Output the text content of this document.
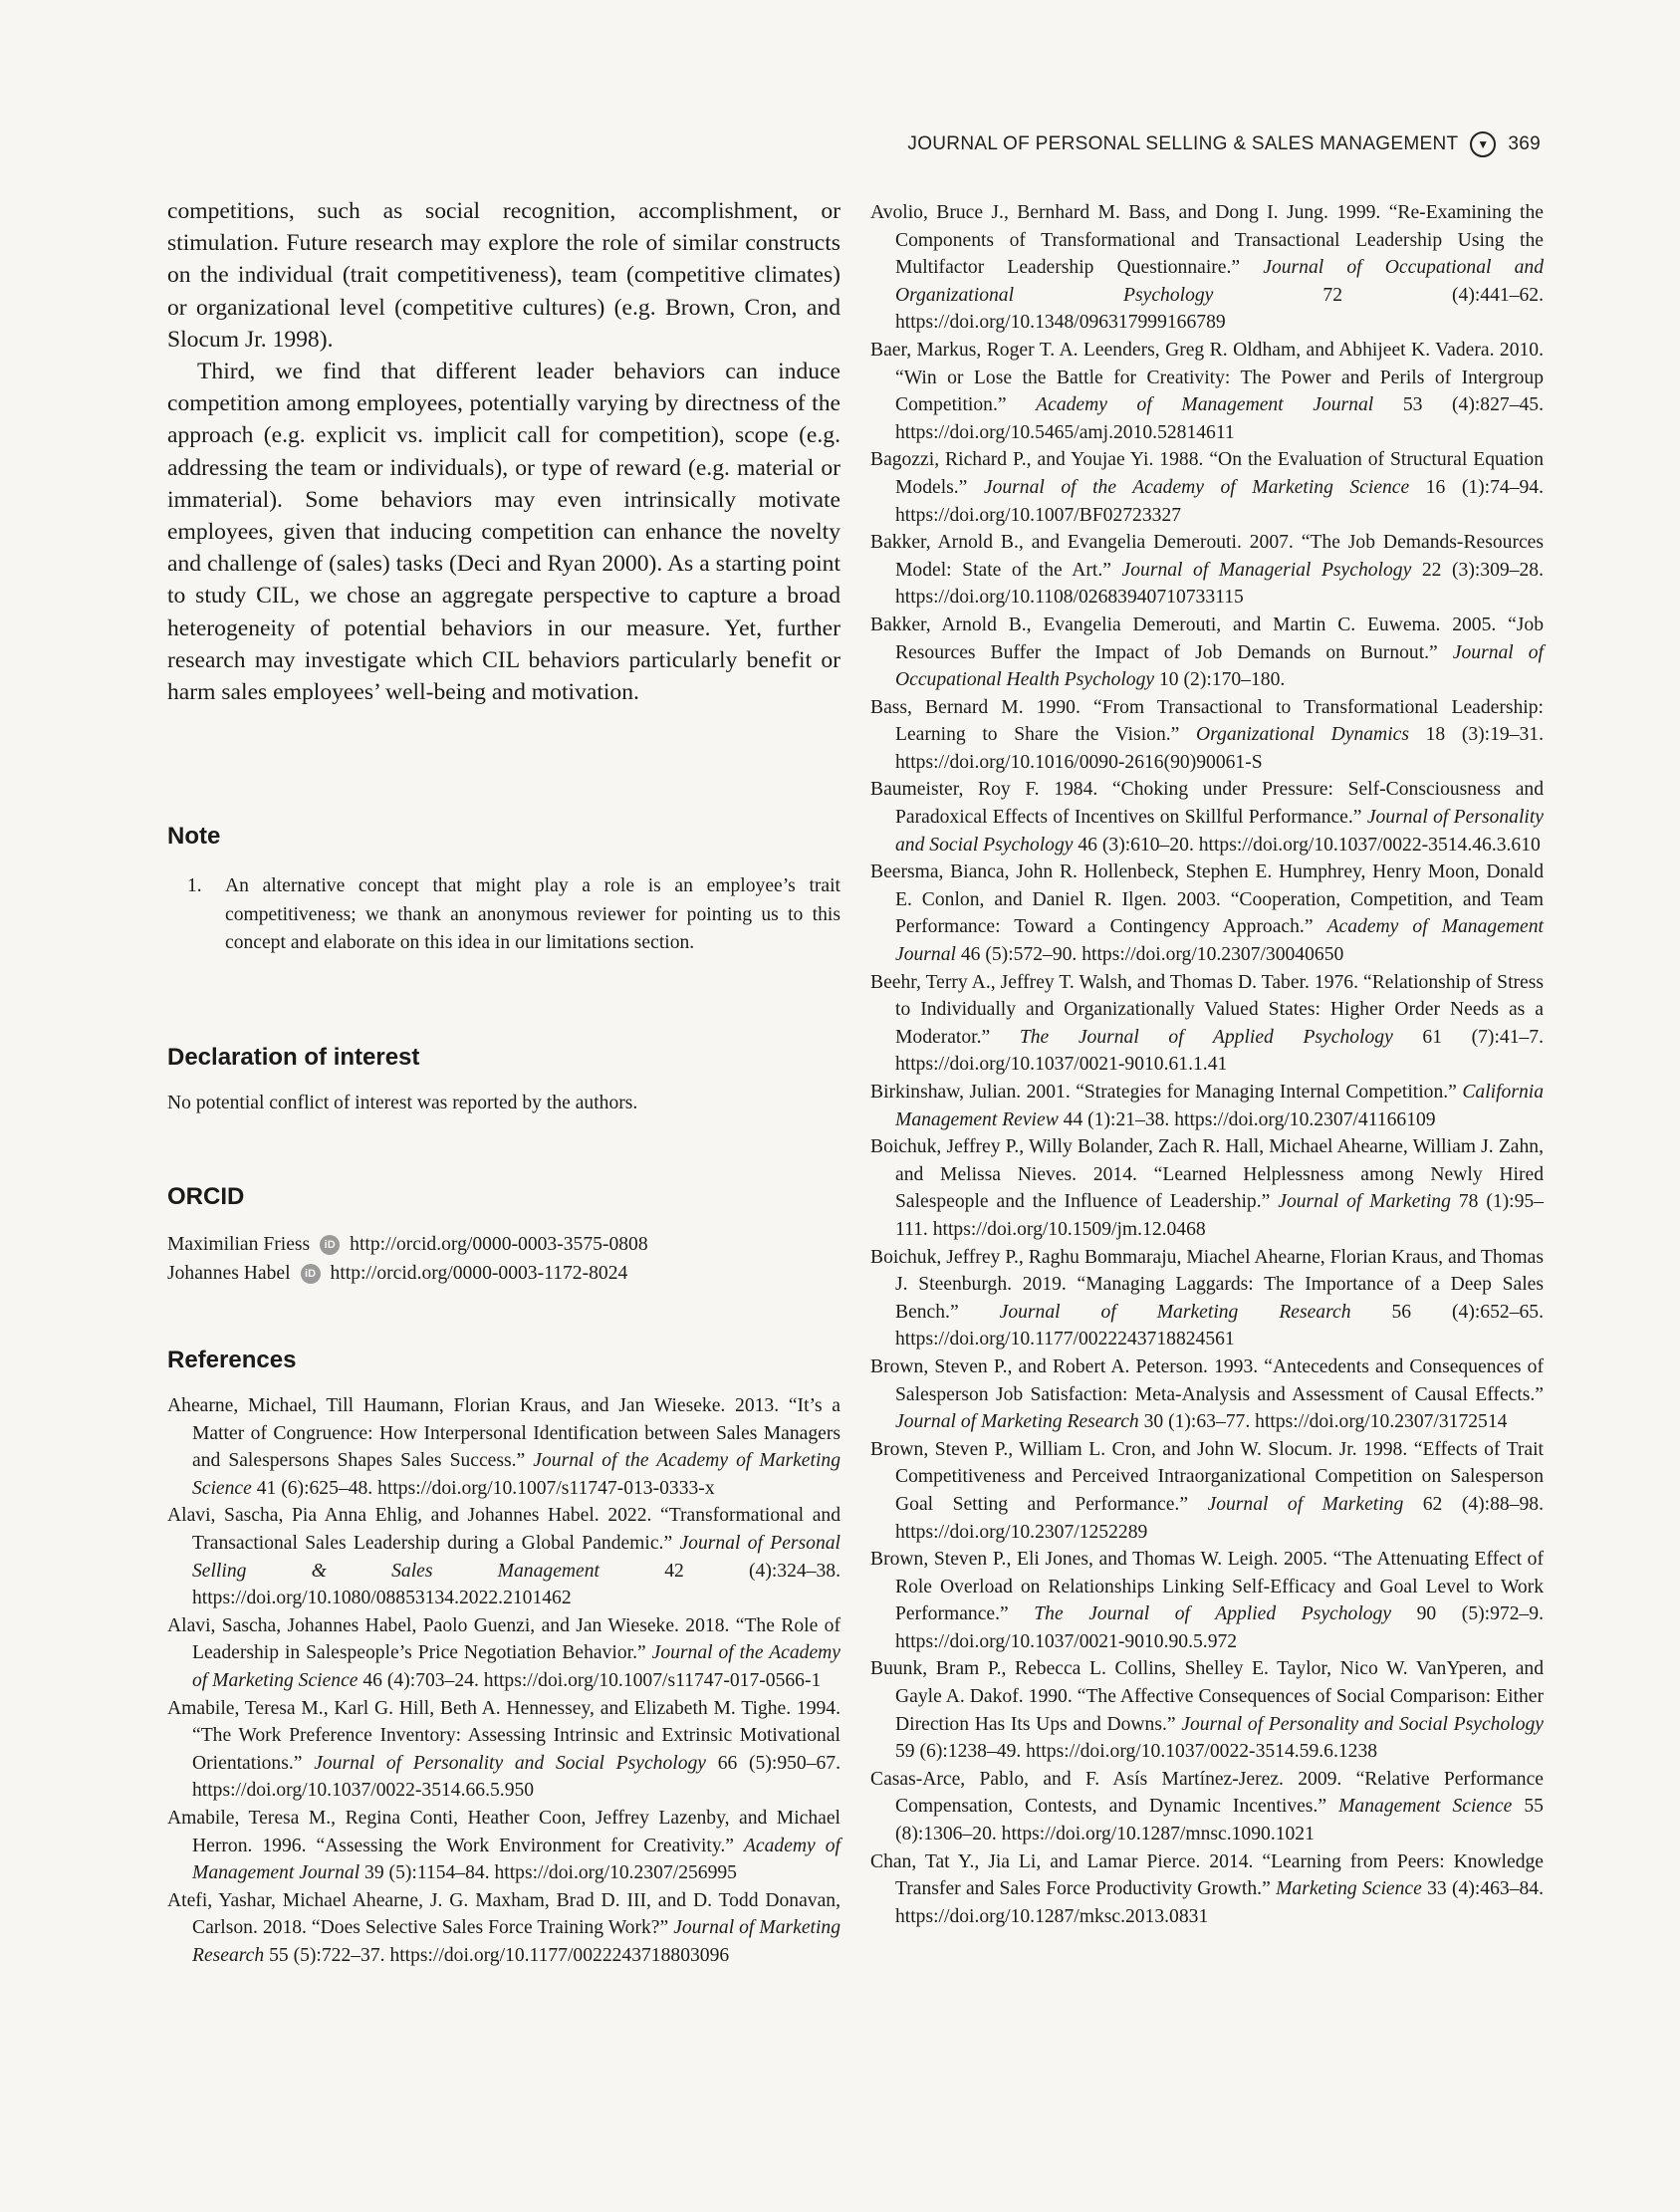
JOURNAL OF PERSONAL SELLING & SALES MANAGEMENT	▼ 369

competitions, such as social recognition, accomplishment, or stimulation. Future research may explore the role of similar constructs on the individual (trait competitiveness), team (competitive climates) or organizational level (competitive cultures) (e.g. Brown, Cron, and Slocum Jr. 1998).

Third, we find that different leader behaviors can induce competition among employees, potentially varying by directness of the approach (e.g. explicit vs. implicit call for competition), scope (e.g. addressing the team or individuals), or type of reward (e.g. material or immaterial). Some behaviors may even intrinsically motivate employees, given that inducing competition can enhance the novelty and challenge of (sales) tasks (Deci and Ryan 2000). As a starting point to study CIL, we chose an aggregate perspective to capture a broad heterogeneity of potential behaviors in our measure. Yet, further research may investigate which CIL behaviors particularly benefit or harm sales employees’ well-being and motivation.

Note
1.	An alternative concept that might play a role is an employee’s trait competitiveness; we thank an anonymous reviewer for pointing us to this concept and elaborate on this idea in our limitations section.
Declaration of interest

No potential conflict of interest was reported by the authors.

ORCID
Maximilian Friess	iD http://orcid.org/0000-0003-3575-0808
Johannes Habel	iD http://orcid.org/0000-0003-1172-8024
References
Ahearne, Michael, Till Haumann, Florian Kraus, and Jan Wieseke. 2013. “It’s a Matter of Congruence: How Interpersonal Identification between Sales Managers and Salespersons Shapes Sales Success.” Journal of the Academy of Marketing Science 41 (6):625–48. https://doi.org/10.1007/s11747-013-0333-x
Alavi, Sascha, Pia Anna Ehlig, and Johannes Habel. 2022. “Transformational and Transactional Sales Leadership during a Global Pandemic.” Journal of Personal Selling & Sales Management 42 (4):324–38. https://doi.org/10.1080/08853134.2022.2101462
Alavi, Sascha, Johannes Habel, Paolo Guenzi, and Jan Wieseke. 2018. “The Role of Leadership in Salespeople’s Price Negotiation Behavior.” Journal of the Academy of Marketing Science 46 (4):703–24. https://doi.org/10.1007/s11747-017-0566-1
Amabile, Teresa M., Karl G. Hill, Beth A. Hennessey, and Elizabeth M. Tighe. 1994. “The Work Preference Inventory: Assessing Intrinsic and Extrinsic Motivational Orientations.” Journal of Personality and Social Psychology 66 (5):950–67. https://doi.org/10.1037/0022-3514.66.5.950
Amabile, Teresa M., Regina Conti, Heather Coon, Jeffrey Lazenby, and Michael Herron. 1996. “Assessing the Work Environment for Creativity.” Academy of Management Journal 39 (5):1154–84. https://doi.org/10.2307/256995
Atefi, Yashar, Michael Ahearne, J. G. Maxham, Brad D. III, and D. Todd Donavan, Carlson. 2018. “Does Selective Sales Force Training Work?” Journal of Marketing Research 55 (5):722–37. https://doi.org/10.1177/0022243718803096
Avolio, Bruce J., Bernhard M. Bass, and Dong I. Jung. 1999. “Re-Examining the Components of Transformational and Transactional Leadership Using the Multifactor Leadership Questionnaire.” Journal of Occupational and Organizational Psychology 72 (4):441–62. https://doi.org/10.1348/096317999166789
Baer, Markus, Roger T. A. Leenders, Greg R. Oldham, and Abhijeet K. Vadera. 2010. “Win or Lose the Battle for Creativity: The Power and Perils of Intergroup Competition.” Academy of Management Journal 53 (4):827–45. https://doi.org/10.5465/amj.2010.52814611
Bagozzi, Richard P., and Youjae Yi. 1988. “On the Evaluation of Structural Equation Models.” Journal of the Academy of Marketing Science 16 (1):74–94. https://doi.org/10.1007/BF02723327
Bakker, Arnold B., and Evangelia Demerouti. 2007. “The Job Demands-Resources Model: State of the Art.” Journal of Managerial Psychology 22 (3):309–28. https://doi.org/10.1108/02683940710733115
Bakker, Arnold B., Evangelia Demerouti, and Martin C. Euwema. 2005. “Job Resources Buffer the Impact of Job Demands on Burnout.” Journal of Occupational Health Psychology 10 (2):170–180.
Bass, Bernard M. 1990. “From Transactional to Transformational Leadership: Learning to Share the Vision.” Organizational Dynamics 18 (3):19–31. https://doi.org/10.1016/0090-2616(90)90061-S
Baumeister, Roy F. 1984. “Choking under Pressure: Self-Consciousness and Paradoxical Effects of Incentives on Skillful Performance.” Journal of Personality and Social Psychology 46 (3):610–20. https://doi.org/10.1037/0022-3514.46.3.610
Beersma, Bianca, John R. Hollenbeck, Stephen E. Humphrey, Henry Moon, Donald E. Conlon, and Daniel R. Ilgen. 2003. “Cooperation, Competition, and Team Performance: Toward a Contingency Approach.” Academy of Management Journal 46 (5):572–90. https://doi.org/10.2307/30040650
Beehr, Terry A., Jeffrey T. Walsh, and Thomas D. Taber. 1976. “Relationship of Stress to Individually and Organizationally Valued States: Higher Order Needs as a Moderator.” The Journal of Applied Psychology 61 (7):41–7. https://doi.org/10.1037/0021-9010.61.1.41
Birkinshaw, Julian. 2001. “Strategies for Managing Internal Competition.” California Management Review 44 (1):21–38. https://doi.org/10.2307/41166109
Boichuk, Jeffrey P., Willy Bolander, Zach R. Hall, Michael Ahearne, William J. Zahn, and Melissa Nieves. 2014. “Learned Helplessness among Newly Hired Salespeople and the Influence of Leadership.” Journal of Marketing 78 (1):95–111. https://doi.org/10.1509/jm.12.0468
Boichuk, Jeffrey P., Raghu Bommaraju, Miachel Ahearne, Florian Kraus, and Thomas J. Steenburgh. 2019. “Managing Laggards: The Importance of a Deep Sales Bench.” Journal of Marketing Research 56 (4):652–65. https://doi.org/10.1177/0022243718824561
Brown, Steven P., and Robert A. Peterson. 1993. “Antecedents and Consequences of Salesperson Job Satisfaction: Meta-Analysis and Assessment of Causal Effects.” Journal of Marketing Research 30 (1):63–77. https://doi.org/10.2307/3172514
Brown, Steven P., William L. Cron, and John W. Slocum. Jr. 1998. “Effects of Trait Competitiveness and Perceived Intraorganizational Competition on Salesperson Goal Setting and Performance.” Journal of Marketing 62 (4):88–98. https://doi.org/10.2307/1252289
Brown, Steven P., Eli Jones, and Thomas W. Leigh. 2005. “The Attenuating Effect of Role Overload on Relationships Linking Self-Efficacy and Goal Level to Work Performance.” The Journal of Applied Psychology 90 (5):972–9. https://doi.org/10.1037/0021-9010.90.5.972
Buunk, Bram P., Rebecca L. Collins, Shelley E. Taylor, Nico W. VanYperen, and Gayle A. Dakof. 1990. “The Affective Consequences of Social Comparison: Either Direction Has Its Ups and Downs.” Journal of Personality and Social Psychology 59 (6):1238–49. https://doi.org/10.1037/0022-3514.59.6.1238
Casas-Arce, Pablo, and F. Asís Martínez-Jerez. 2009. “Relative Performance Compensation, Contests, and Dynamic Incentives.” Management Science 55 (8):1306–20. https://doi.org/10.1287/mnsc.1090.1021
Chan, Tat Y., Jia Li, and Lamar Pierce. 2014. “Learning from Peers: Knowledge Transfer and Sales Force Productivity Growth.” Marketing Science 33 (4):463–84. https://doi.org/10.1287/mksc.2013.0831
